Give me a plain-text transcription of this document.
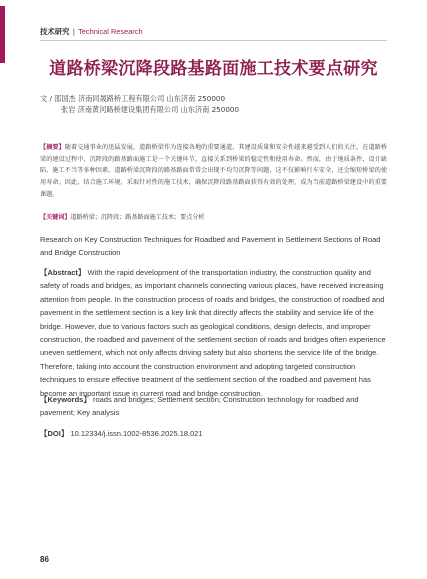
技术研究 | Technical Research
道路桥梁沉降段路基路面施工技术要点研究
文 / 邵国杰 济南同晟路桥工程有限公司 山东济南 250000
张岩 济南黄河路桥建设集团有限公司 山东济南 250000
【摘要】随着交通事业的迅猛发展，道路桥梁作为连接各地的重要通道，其建设质量和安全性越来越受到人们的关注。在道路桥梁的建设过程中，沉降段的路基路面施工是一个关键环节，直接关系到桥梁的稳定性和使用寿命。然而，由于地质条件、设计缺陷、施工不当等多种因素，道路桥梁沉降段的路基路面常常会出现不均匀沉降等问题，这不仅影响行车安全，还会缩短桥梁的使用寿命。因此，结合施工环境，采取针对性的施工技术，确保沉降段路基路面获得有效的处理，成为当前道路桥梁建设中的重要课题。
【关键词】道路桥梁；沉降段；路基路面施工技术；要点分析
Research on Key Construction Techniques for Roadbed and Pavement in Settlement Sections of Road and Bridge Construction
【Abstract】 With the rapid development of the transportation industry, the construction quality and safety of roads and bridges, as important channels connecting various places, have received increasing attention from people. In the construction process of roads and bridges, the construction of roadbed and pavement in the settlement section is a key link that directly affects the stability and service life of the bridge. However, due to various factors such as geological conditions, design defects, and improper construction, the roadbed and pavement of the settlement section of roads and bridges often experience uneven settlement, which not only affects driving safety but also shortens the service life of the bridge. Therefore, taking into account the construction environment and adopting targeted construction techniques to ensure effective treatment of the settlement section of the roadbed and pavement has become an important issue in current road and bridge construction.
【Keywords】 roads and bridges; Settlement section; Construction technology for roadbed and pavement; Key analysis
【DOI】 10.12334/j.issn.1002-8536.2025.18.021
86
